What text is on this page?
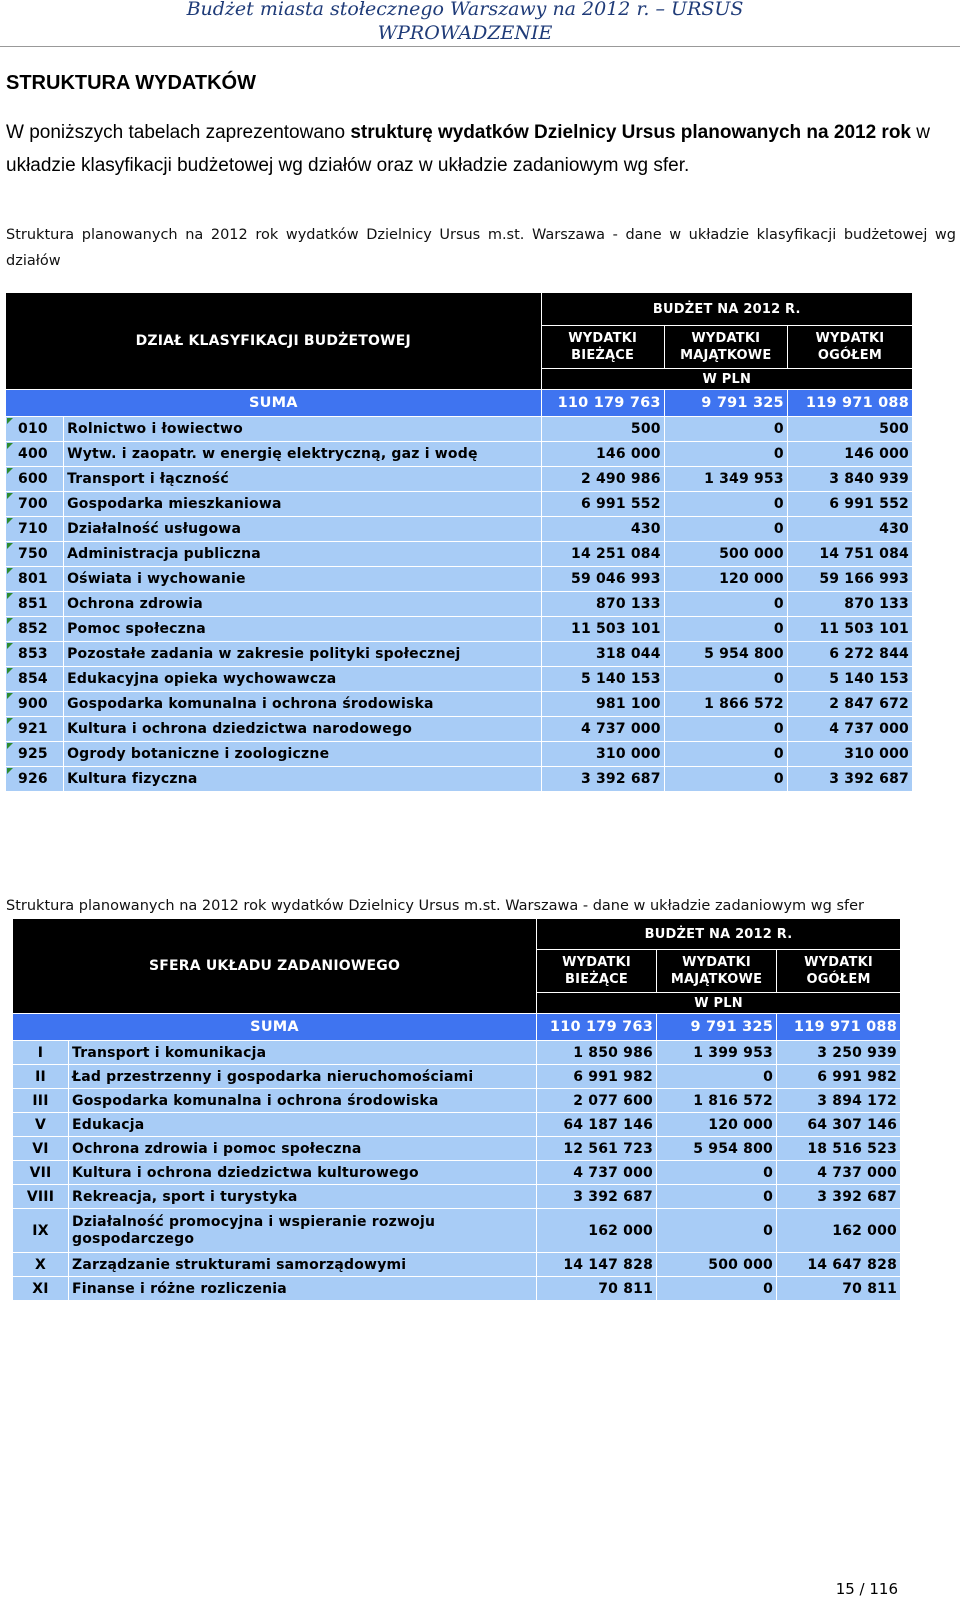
Budżet miasta stołecznego Warszawy na 2012 r. – URSUS
WPROWADZENIE
STRUKTURA WYDATKÓW
W poniższych tabelach zaprezentowano strukturę wydatków Dzielnicy Ursus planowanych na 2012 rok w układzie klasyfikacji budżetowej wg działów oraz w układzie zadaniowym wg sfer.
Struktura planowanych na 2012 rok wydatków Dzielnicy Ursus m.st. Warszawa - dane w układzie klasyfikacji budżetowej wg działów
DZIAŁ KLASYFIKACJI BUDŻETOWEJ		BUDŻET NA 2012 R.		
		WYDATKI BIEŻĄCE	WYDATKI MAJĄTKOWE	WYDATKI OGÓŁEM
		W PLN		
SUMA		110 179 763	9 791 325	119 971 088
010	Rolnictwo i łowiectwo	500	0	500
400	Wytw. i zaopatr. w energię elektryczną, gaz i wodę	146 000	0	146 000
600	Transport i łączność	2 490 986	1 349 953	3 840 939
700	Gospodarka mieszkaniowa	6 991 552	0	6 991 552
710	Działalność usługowa	430	0	430
750	Administracja publiczna	14 251 084	500 000	14 751 084
801	Oświata i wychowanie	59 046 993	120 000	59 166 993
851	Ochrona zdrowia	870 133	0	870 133
852	Pomoc społeczna	11 503 101	0	11 503 101
853	Pozostałe zadania w zakresie polityki społecznej	318 044	5 954 800	6 272 844
854	Edukacyjna opieka wychowawcza	5 140 153	0	5 140 153
900	Gospodarka komunalna i ochrona środowiska	981 100	1 866 572	2 847 672
921	Kultura i ochrona dziedzictwa narodowego	4 737 000	0	4 737 000
925	Ogrody botaniczne i zoologiczne	310 000	0	310 000
926	Kultura fizyczna	3 392 687	0	3 392 687
Struktura planowanych na 2012 rok wydatków Dzielnicy Ursus m.st. Warszawa - dane w układzie zadaniowym wg sfer
SFERA UKŁADU ZADANIOWEGO		BUDŻET NA 2012 R.		
		WYDATKI BIEŻĄCE	WYDATKI MAJĄTKOWE	WYDATKI OGÓŁEM
		W PLN		
SUMA		110 179 763	9 791 325	119 971 088
I	Transport i komunikacja	1 850 986	1 399 953	3 250 939
II	Ład przestrzenny i gospodarka nieruchomościami	6 991 982	0	6 991 982
III	Gospodarka komunalna i ochrona środowiska	2 077 600	1 816 572	3 894 172
V	Edukacja	64 187 146	120 000	64 307 146
VI	Ochrona zdrowia i pomoc społeczna	12 561 723	5 954 800	18 516 523
VII	Kultura i ochrona dziedzictwa kulturowego	4 737 000	0	4 737 000
VIII	Rekreacja, sport i turystyka	3 392 687	0	3 392 687
IX	Działalność promocyjna i wspieranie rozwoju gospodarczego	162 000	0	162 000
X	Zarządzanie strukturami samorządowymi	14 147 828	500 000	14 647 828
XI	Finanse i różne rozliczenia	70 811	0	70 811
15 / 116
